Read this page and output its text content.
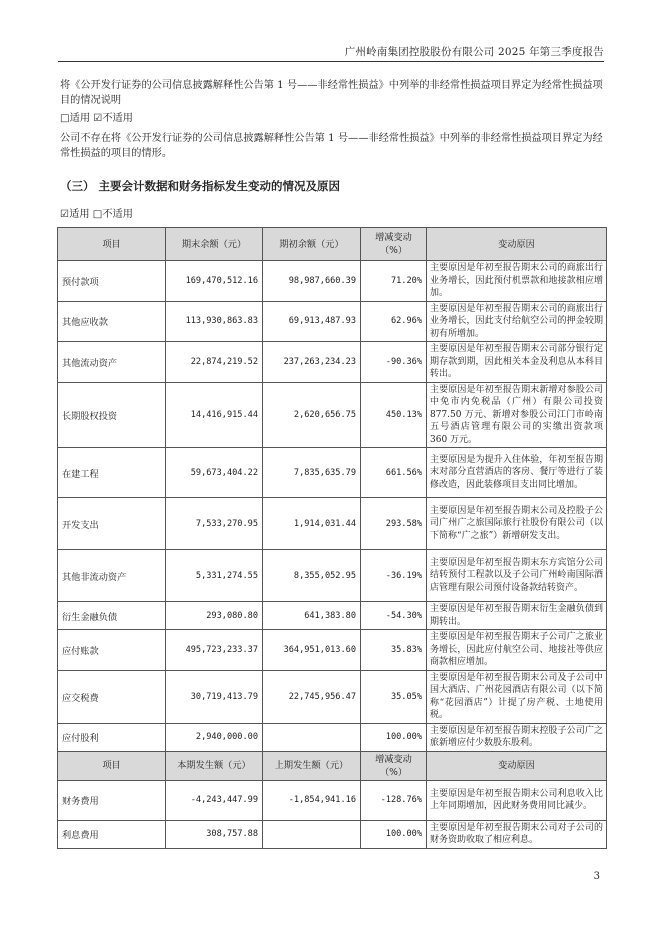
广州岭南集团控股股份有限公司 2025 年第三季度报告
将《公开发行证券的公司信息披露解释性公告第 1 号——非经常性损益》中列举的非经常性损益项目界定为经常性损益项目的情况说明
□适用 ☑不适用
公司不存在将《公开发行证券的公司信息披露解释性公告第 1 号——非经常性损益》中列举的非经常性损益项目界定为经常性损益的项目的情形。
（三） 主要会计数据和财务指标发生变动的情况及原因
☑适用 □不适用
项目	期末余额（元）	期初余额（元）	增减变动（%）	变动原因
预付款项	169,470,512.16	98,987,660.39	71.20%	主要原因是年初至报告期末公司的商旅出行业务增长，因此预付机票款和地接款相应增加。
其他应收款	113,930,863.83	69,913,487.93	62.96%	主要原因是年初至报告期末公司的商旅出行业务增长，因此支付给航空公司的押金较期初有所增加。
其他流动资产	22,874,219.52	237,263,234.23	-90.36%	主要原因是年初至报告期末公司部分银行定期存款到期，因此相关本金及利息从本科目转出。
长期股权投资	14,416,915.44	2,620,656.75	450.13%	主要原因是年初至报告期末新增对参股公司中免市内免税品（广州）有限公司投资 877.50 万元、新增对参股公司江门市岭南五号酒店管理有限公司的实缴出资款项 360 万元。
在建工程	59,673,404.22	7,835,635.79	661.56%	主要原因是为提升入住体验，年初至报告期末对部分直营酒店的客房、餐厅等进行了装修改造，因此装修项目支出同比增加。
开发支出	7,533,270.95	1,914,031.44	293.58%	主要原因是年初至报告期末公司及控股子公司广州广之旅国际旅行社股份有限公司（以下简称“广之旅”）新增研发支出。
其他非流动资产	5,331,274.55	8,355,052.95	-36.19%	主要原因是年初至报告期末东方宾馆分公司结转预付工程款以及子公司广州岭南国际酒店管理有限公司预付设备款结转资产。
衍生金融负债	293,080.80	641,383.80	-54.30%	主要原因是年初至报告期末衍生金融负债到期转出。
应付账款	495,723,233.37	364,951,013.60	35.83%	主要原因是年初至报告期末子公司广之旅业务增长，因此应付航空公司、地接社等供应商款相应增加。
应交税费	30,719,413.79	22,745,956.47	35.05%	主要原因是年初至报告期末公司及子公司中国大酒店、广州花园酒店有限公司（以下简称“花园酒店”）计提了房产税、土地使用税。
应付股利	2,940,000.00		100.00%	主要原因是年初至报告期末控股子公司广之旅新增应付少数股东股利。
项目	本期发生额（元）	上期发生额（元）	增减变动（%）	变动原因
财务费用	-4,243,447.99	-1,854,941.16	-128.76%	主要原因是年初至报告期末公司利息收入比上年同期增加，因此财务费用同比减少。
利息费用	308,757.88		100.00%	主要原因是年初至报告期末公司对子公司的财务资助收取了相应利息。
3
